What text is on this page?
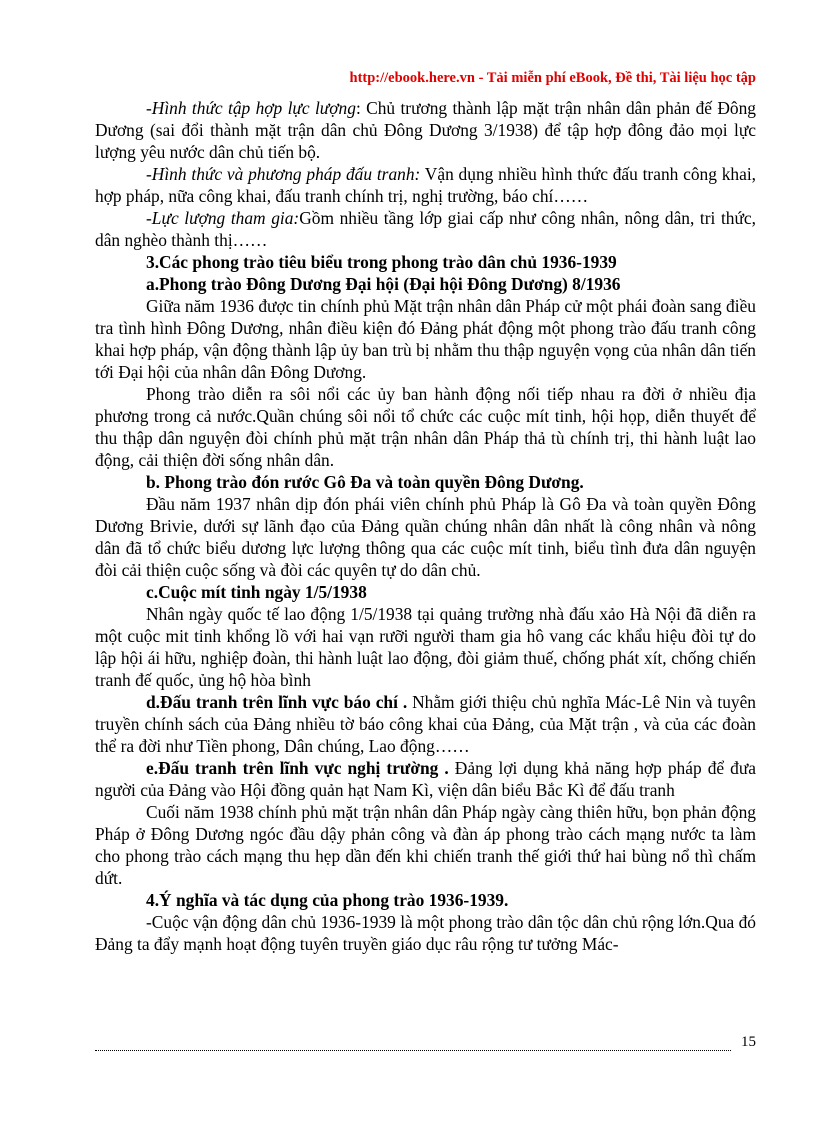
http://ebook.here.vn - Tải miễn phí eBook, Đề thi, Tài liệu học tập

-Hình thức tập hợp lực lượng: Chủ trương thành lập mặt trận nhân dân phản đế Đông Dương (sai đổi thành mặt trận dân chủ Đông Dương 3/1938) để tập hợp đông đảo mọi lực lượng yêu nước dân chủ tiến bộ.

-Hình thức và phương pháp đấu tranh: Vận dụng nhiều hình thức đấu tranh công khai, hợp pháp, nữa công khai, đấu tranh chính trị, nghị trường, báo chí……

-Lực lượng tham gia:Gồm nhiều tầng lớp giai cấp như công nhân, nông dân, tri thức, dân nghèo thành thị……

3.Các phong trào tiêu biểu trong phong trào dân chủ 1936-1939

a.Phong trào Đông Dương Đại hội (Đại hội Đông Dương) 8/1936

Giữa năm 1936 được tin chính phủ Mặt trận nhân dân Pháp cử một phái đoàn sang điều tra tình hình Đông Dương, nhân điều kiện đó Đảng phát động một phong trào đấu tranh công khai hợp pháp, vận động thành lập ủy ban trù bị nhằm thu thập nguyện vọng của nhân dân tiến tới Đại hội của nhân dân Đông Dương.

Phong trào diễn ra sôi nổi các ủy ban hành động nối tiếp nhau ra đời ở nhiều địa phương trong cả nước.Quần chúng sôi nổi tổ chức các cuộc mít tinh, hội họp, diễn thuyết để thu thập dân nguyện đòi chính phủ mặt trận nhân dân Pháp thả tù chính trị, thi hành luật lao động, cải thiện đời sống nhân dân.

b. Phong trào đón rước Gô Đa và toàn quyền Đông Dương.

Đầu năm 1937 nhân dịp đón phái viên chính phủ Pháp là Gô Đa và toàn quyền Đông Dương Brivie, dưới sự lãnh đạo của Đảng quần chúng nhân dân nhất là công nhân và nông dân đã tổ chức biểu dương lực lượng thông qua các cuộc mít tinh, biểu tình đưa dân nguyện đòi cải thiện cuộc sống và đòi các quyên tự do dân chủ.

c.Cuộc mít tinh ngày 1/5/1938

Nhân ngày quốc tế lao động 1/5/1938 tại quảng trường nhà đấu xảo Hà Nội đã diễn ra một cuộc mit tinh khổng lồ với hai vạn rưỡi người tham gia hô vang các khẩu hiệu đòi tự do lập hội ái hữu, nghiệp đoàn, thi hành luật lao động, đòi giảm thuế, chống phát xít, chống chiến tranh đế quốc, ủng hộ hòa bình

d.Đấu tranh trên lĩnh vực báo chí . Nhằm giới thiệu chủ nghĩa Mác-Lê Nin và tuyên truyền chính sách của Đảng nhiều tờ báo công khai của Đảng, của Mặt trận , và của các đoàn thể ra đời như Tiền phong, Dân chúng, Lao động……

e.Đấu tranh trên lĩnh vực nghị trường . Đảng lợi dụng khả năng hợp pháp để đưa người của Đảng vào Hội đồng quản hạt Nam Kì, viện dân biểu Bắc Kì để đấu tranh

Cuối năm 1938 chính phủ mặt trận nhân dân Pháp ngày càng thiên hữu, bọn phản động Pháp ở Đông Dương ngóc đầu dậy phản công và đàn áp phong trào cách mạng nước ta làm cho phong trào cách mạng thu hẹp dần đến khi chiến tranh thế giới thứ hai bùng nổ thì chấm dứt.

4.Ý nghĩa và tác dụng của phong trào 1936-1939.

-Cuộc vận động dân chủ 1936-1939 là một phong trào dân tộc dân chủ rộng lớn.Qua đó Đảng ta đẩy mạnh hoạt động tuyên truyền giáo dục râu rộng tư tưởng Mác-

15
